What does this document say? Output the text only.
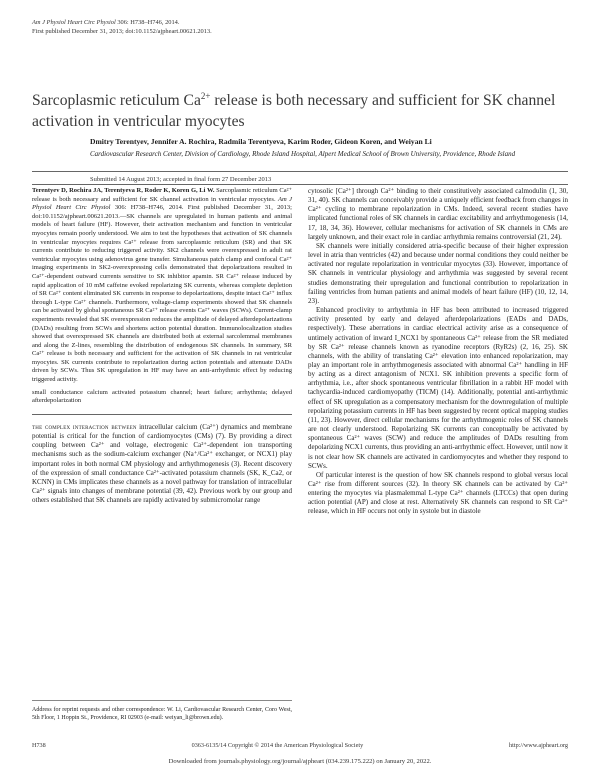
Am J Physiol Heart Circ Physiol 306: H738–H746, 2014.
First published December 31, 2013; doi:10.1152/ajpheart.00621.2013.
Sarcoplasmic reticulum $Ca^{2+}$ release is both necessary and sufficient for SK channel activation in ventricular myocytes
Dmitry Terentyev, Jennifer A. Rochira, Radmila Terentyeva, Karim Roder, Gideon Koren, and Weiyan Li
Cardiovascular Research Center, Division of Cardiology, Rhode Island Hospital, Alpert Medical School of Brown University, Providence, Rhode Island
Submitted 14 August 2013; accepted in final form 27 December 2013

Terentyev D, Rochira JA, Terentyeva R, Roder K, Koren G, Li W. Sarcoplasmic reticulum Ca²⁺ release is both necessary and sufficient for SK channel activation in ventricular myocytes. Am J Physiol Heart Circ Physiol 306: H738–H746, 2014. First published December 31, 2013; doi:10.1152/ajpheart.00621.2013.—SK channels are upregulated in human patients and animal models of heart failure (HF). However, their activation mechanism and function in ventricular myocytes remain poorly understood. We aim to test the hypotheses that activation of SK channels in ventricular myocytes requires Ca²⁺ release from sarcoplasmic reticulum (SR) and that SK currents contribute to reducing triggered activity. SK2 channels were overexpressed in adult rat ventricular myocytes using adenovirus gene transfer. Simultaneous patch clamp and confocal Ca²⁺ imaging experiments in SK2-overexpressing cells demonstrated that depolarizations resulted in Ca²⁺-dependent outward currents sensitive to SK inhibitor apamin. SR Ca²⁺ release induced by rapid application of 10 mM caffeine evoked repolarizing SK currents, whereas complete depletion of SR Ca²⁺ content eliminated SK currents in response to depolarizations, despite intact Ca²⁺ influx through L-type Ca²⁺ channels. Furthermore, voltage-clamp experiments showed that SK channels can be activated by global spontaneous SR Ca²⁺ release events Ca²⁺ waves (SCWs). Current-clamp experiments revealed that SK overexpression reduces the amplitude of delayed afterdepolarizations (DADs) resulting from SCWs and shortens action potential duration. Immunolocalization studies showed that overexpressed SK channels are distributed both at external sarcolemmal membranes and along the Z-lines, resembling the distribution of endogenous SK channels. In summary, SR Ca²⁺ release is both necessary and sufficient for the activation of SK channels in rat ventricular myocytes. SK currents contribute to repolarization during action potentials and attenuate DADs driven by SCWs. Thus SK upregulation in HF may have an anti-arrhythmic effect by reducing triggered activity.

small conductance calcium activated potassium channel; heart failure; arrhythmia; delayed afterdepolarization

the complex interaction between intracellular calcium (Ca²⁺) dynamics and membrane potential is critical for the function of cardiomyocytes (CMs) (7). By providing a direct coupling between Ca²⁺ and voltage, electrogenic Ca²⁺-dependent ion transporting mechanisms such as the sodium-calcium exchanger (Na⁺/Ca²⁺ exchanger, or NCX1) play important roles in both normal CM physiology and arrhythmogenesis (3). Recent discovery of the expression of small conductance Ca²⁺-activated potassium channels (SK, K_Ca2, or KCNN) in CMs implicates these channels as a novel pathway for translation of intracellular Ca²⁺ signals into changes of membrane potential (39, 42). Previous work by our group and others established that SK channels are rapidly activated by submicromolar range

Address for reprint requests and other correspondence: W. Li, Cardiovascular Research Center, Coro West, 5th Floor, 1 Hoppin St., Providence, RI 02903 (e-mail: weiyan_li@brown.edu).

cytosolic [Ca²⁺] through Ca²⁺ binding to their constitutively associated calmodulin (1, 30, 31, 40). SK channels can conceivably provide a uniquely efficient feedback from changes in Ca²⁺ cycling to membrane repolarization in CMs. Indeed, several recent studies have implicated functional roles of SK channels in cardiac excitability and arrhythmogenesis (14, 17, 18, 34, 36). However, cellular mechanisms for activation of SK channels in CMs are largely unknown, and their exact role in cardiac arrhythmia remains controversial (21, 24).

SK channels were initially considered atria-specific because of their higher expression level in atria than ventricles (42) and because under normal conditions they could neither be activated nor regulate repolarization in ventricular myocytes (33). However, importance of SK channels in ventricular physiology and arrhythmia was suggested by several recent studies demonstrating their upregulation and functional contribution to repolarization in failing ventricles from human patients and animal models of heart failure (HF) (10, 12, 14, 23).

Enhanced proclivity to arrhythmia in HF has been attributed to increased triggered activity presented by early and delayed afterdepolarizations (EADs and DADs, respectively). These aberrations in cardiac electrical activity arise as a consequence of untimely activation of inward I_NCX1 by spontaneous Ca²⁺ release from the SR mediated by SR Ca²⁺ release channels known as ryanodine receptors (RyR2s) (2, 16, 25). SK channels, with the ability of translating Ca²⁺ elevation into enhanced repolarization, may play an important role in arrhythmogenesis associated with abnormal Ca²⁺ handling in HF by acting as a direct antagonism of NCX1. SK inhibition prevents a specific form of arrhythmia, i.e., after shock spontaneous ventricular fibrillation in a rabbit HF model with tachycardia-induced cardiomyopathy (TICM) (14). Additionally, potential anti-arrhythmic effect of SK upregulation as a compensatory mechanism for the downregulation of multiple repolarizing potassium currents in HF has been suggested by recent optical mapping studies (11, 23). However, direct cellular mechanisms for the arrhythmogenic roles of SK channels are not clearly understood. Repolarizing SK currents can conceptually be activated by spontaneous Ca²⁺ waves (SCW) and reduce the amplitudes of DADs resulting from depolarizing NCX1 currents, thus providing an anti-arrhythmic effect. However, until now it is not clear how SK channels are activated in cardiomyocytes and whether they respond to SCWs.

Of particular interest is the question of how SK channels respond to global versus local Ca²⁺ rise from different sources (32). In theory SK channels can be activated by Ca²⁺ entering the myocytes via plasmalemmal L-type Ca²⁺ channels (LTCCs) that open during action potential (AP) and close at rest. Alternatively SK channels can respond to SR Ca²⁺ release, which in HF occurs not only in systole but in diastole

H738	0363-6135/14 Copyright © 2014 the American Physiological Society	http://www.ajpheart.org
Downloaded from journals.physiology.org/journal/ajpheart (034.239.175.222) on January 20, 2022.
